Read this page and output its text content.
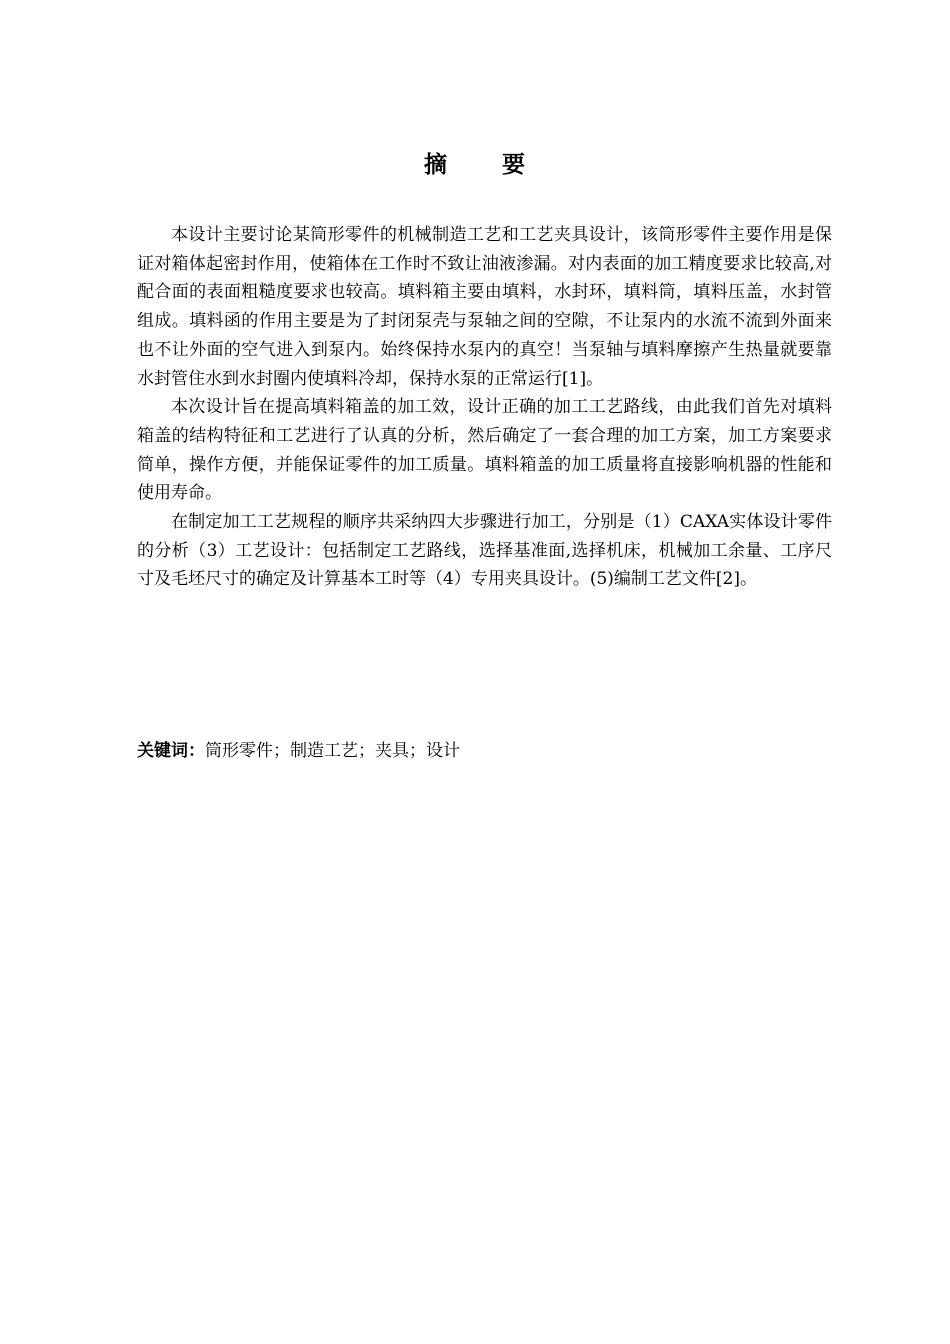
摘 要

本设计主要讨论某筒形零件的机械制造工艺和工艺夹具设计，该筒形零件主要作用是保证对箱体起密封作用，使箱体在工作时不致让油液渗漏。对内表面的加工精度要求比较高,对配合面的表面粗糙度要求也较高。填料箱主要由填料，水封环，填料筒，填料压盖，水封管组成。填料函的作用主要是为了封闭泵壳与泵轴之间的空隙，不让泵内的水流不流到外面来也不让外面的空气进入到泵内。始终保持水泵内的真空！当泵轴与填料摩擦产生热量就要靠水封管住水到水封圈内使填料冷却，保持水泵的正常运行[1]。

本次设计旨在提高填料箱盖的加工效，设计正确的加工工艺路线，由此我们首先对填料箱盖的结构特征和工艺进行了认真的分析，然后确定了一套合理的加工方案，加工方案要求简单，操作方便，并能保证零件的加工质量。填料箱盖的加工质量将直接影响机器的性能和使用寿命。

在制定加工工艺规程的顺序共采纳四大步骤进行加工，分别是（1）CAXA实体设计零件的分析（3）工艺设计：包括制定工艺路线，选择基准面,选择机床，机械加工余量、工序尺寸及毛坯尺寸的确定及计算基本工时等（4）专用夹具设计。(5)编制工艺文件[2]。

关键词：筒形零件；制造工艺；夹具；设计
